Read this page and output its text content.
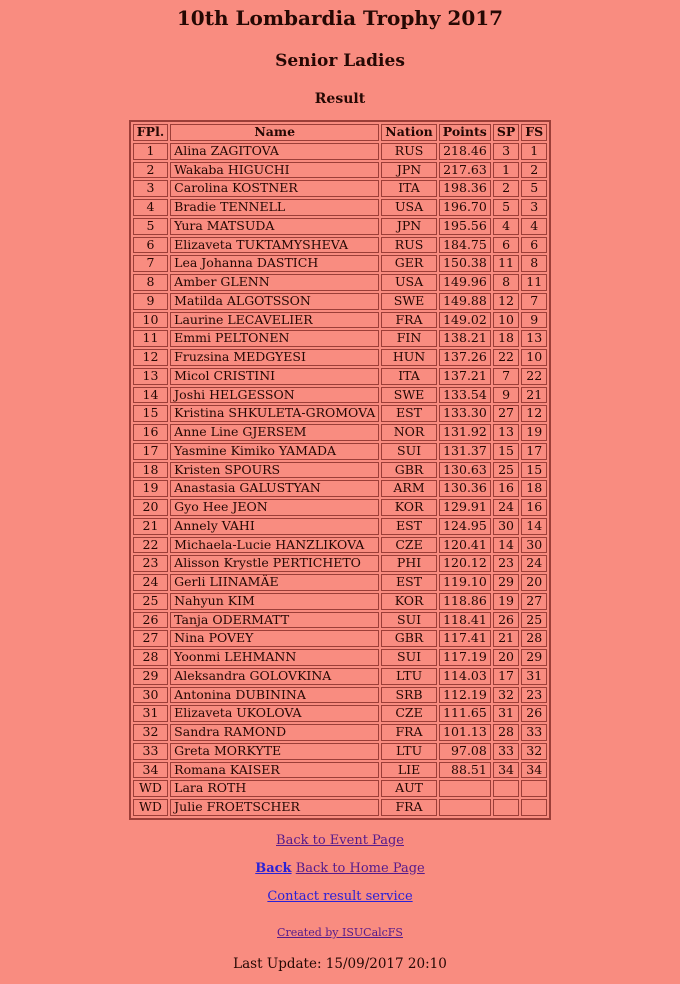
10th Lombardia Trophy 2017
Senior Ladies
Result
FPl.	Name	Nation	Points	SP	FS
1	Alina ZAGITOVA	RUS	218.46	3	1
2	Wakaba HIGUCHI	JPN	217.63	1	2
3	Carolina KOSTNER	ITA	198.36	2	5
4	Bradie TENNELL	USA	196.70	5	3
5	Yura MATSUDA	JPN	195.56	4	4
6	Elizaveta TUKTAMYSHEVA	RUS	184.75	6	6
7	Lea Johanna DASTICH	GER	150.38	11	8
8	Amber GLENN	USA	149.96	8	11
9	Matilda ALGOTSSON	SWE	149.88	12	7
10	Laurine LECAVELIER	FRA	149.02	10	9
11	Emmi PELTONEN	FIN	138.21	18	13
12	Fruzsina MEDGYESI	HUN	137.26	22	10
13	Micol CRISTINI	ITA	137.21	7	22
14	Joshi HELGESSON	SWE	133.54	9	21
15	Kristina SHKULETA-GROMOVA	EST	133.30	27	12
16	Anne Line GJERSEM	NOR	131.92	13	19
17	Yasmine Kimiko YAMADA	SUI	131.37	15	17
18	Kristen SPOURS	GBR	130.63	25	15
19	Anastasia GALUSTYAN	ARM	130.36	16	18
20	Gyo Hee JEON	KOR	129.91	24	16
21	Annely VAHI	EST	124.95	30	14
22	Michaela-Lucie HANZLIKOVA	CZE	120.41	14	30
23	Alisson Krystle PERTICHETO	PHI	120.12	23	24
24	Gerli LIINAMÄE	EST	119.10	29	20
25	Nahyun KIM	KOR	118.86	19	27
26	Tanja ODERMATT	SUI	118.41	26	25
27	Nina POVEY	GBR	117.41	21	28
28	Yoonmi LEHMANN	SUI	117.19	20	29
29	Aleksandra GOLOVKINA	LTU	114.03	17	31
30	Antonina DUBININA	SRB	112.19	32	23
31	Elizaveta UKOLOVA	CZE	111.65	31	26
32	Sandra RAMOND	FRA	101.13	28	33
33	Greta MORKYTE	LTU	97.08	33	32
34	Romana KAISER	LIE	88.51	34	34
WD	Lara ROTH	AUT			
WD	Julie FROETSCHER	FRA			
Back to Event Page
Back Back to Home Page
Contact result service
Created by ISUCalcFS
Last Update: 15/09/2017 20:10
